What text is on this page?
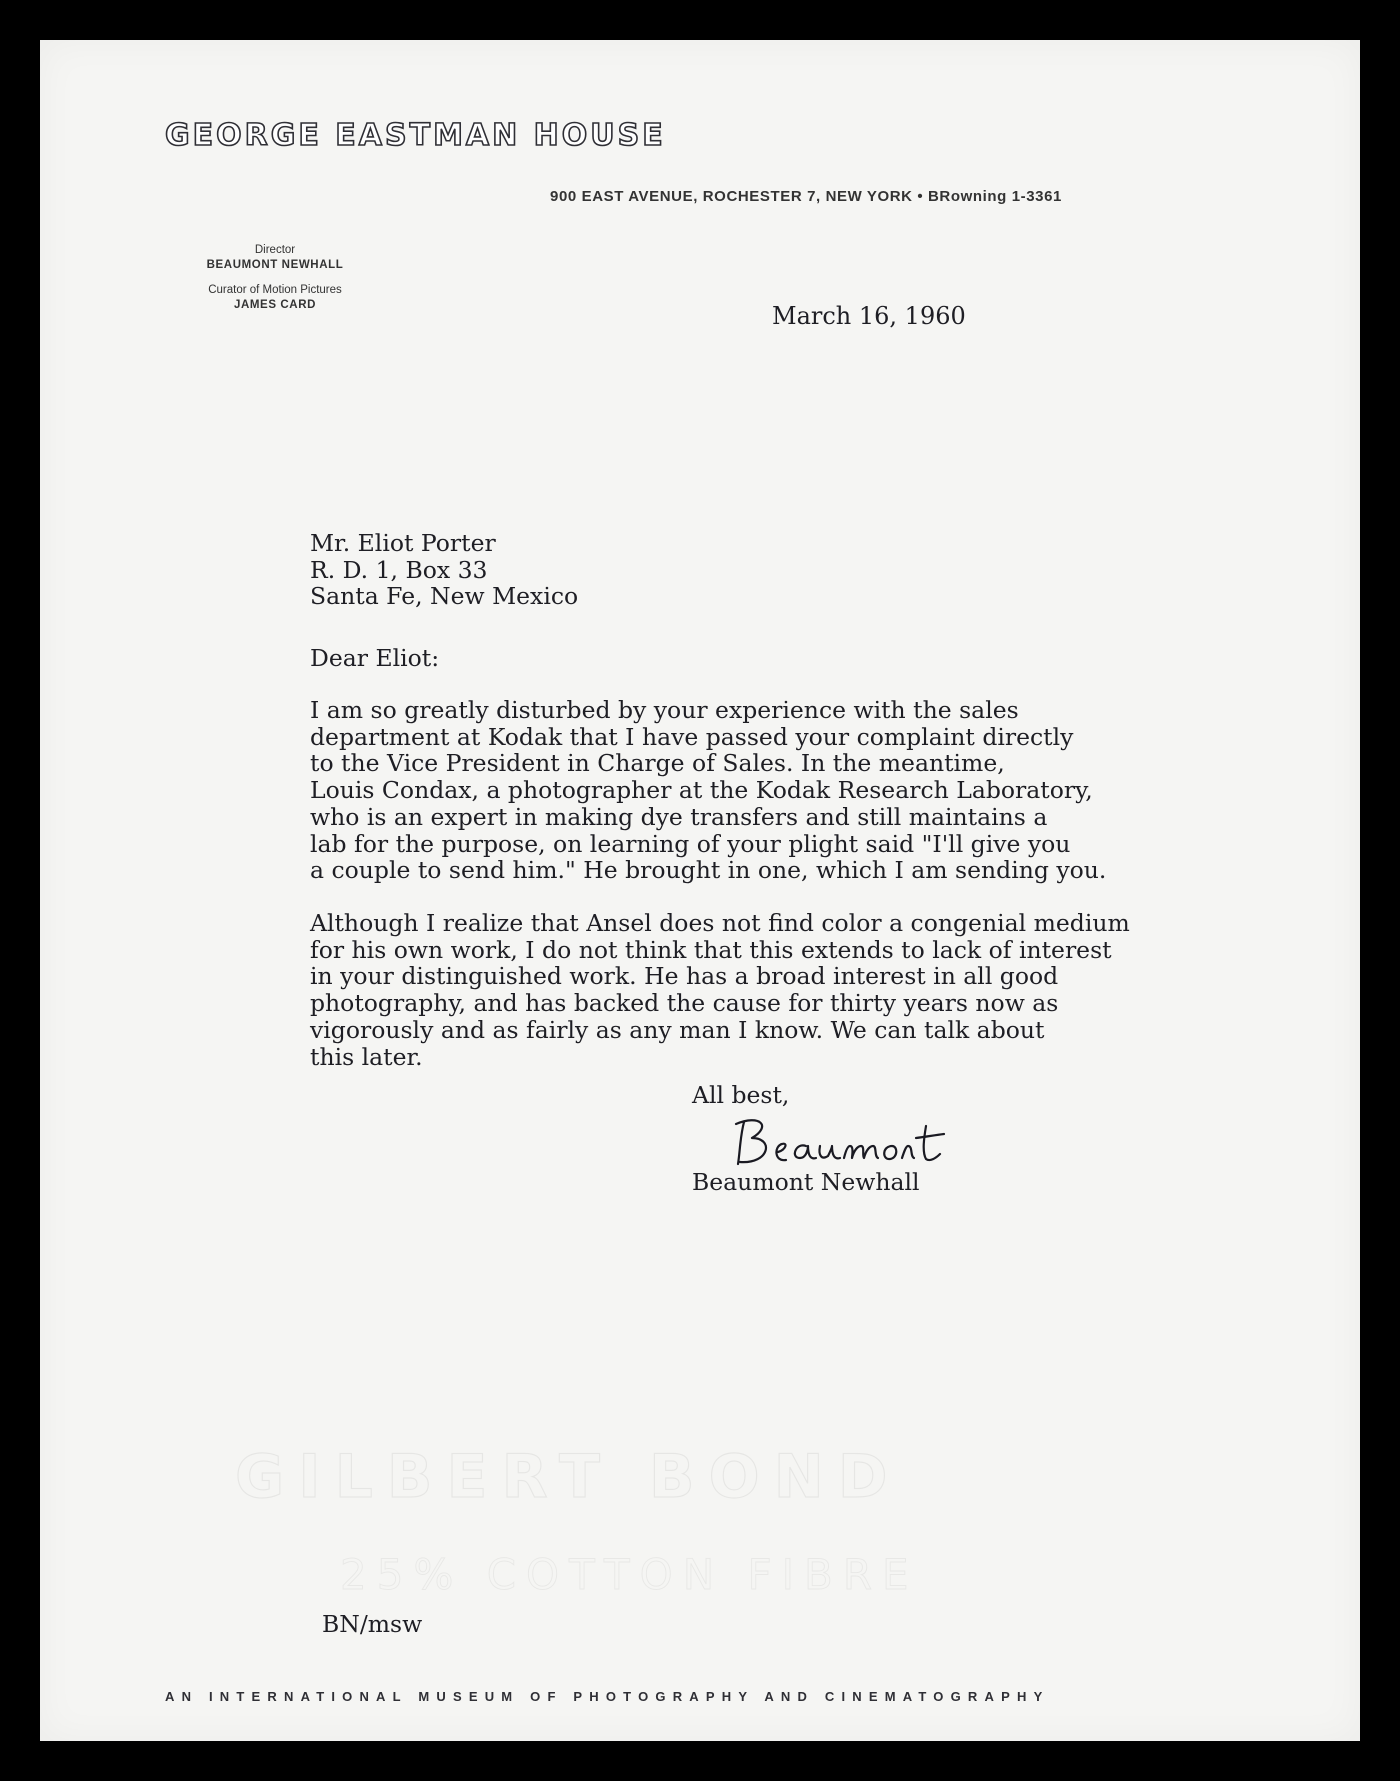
GEORGE EASTMAN HOUSE
900 EAST AVENUE, ROCHESTER 7, NEW YORK • BRowning 1-3361
Director
BEAUMONT NEWHALL
Curator of Motion Pictures
JAMES CARD	March 16, 1960
Mr. Eliot Porter
R. D. 1, Box 33
Santa Fe, New Mexico
Dear Eliot:
I am so greatly disturbed by your experience with the sales
department at Kodak that I have passed your complaint directly
to the Vice President in Charge of Sales. In the meantime,
Louis Condax, a photographer at the Kodak Research Laboratory,
who is an expert in making dye transfers and still maintains a
lab for the purpose, on learning of your plight said "I'll give you
a couple to send him." He brought in one, which I am sending you.
Although I realize that Ansel does not find color a congenial medium
for his own work, I do not think that this extends to lack of interest
in your distinguished work. He has a broad interest in all good
photography, and has backed the cause for thirty years now as
vigorously and as fairly as any man I know. We can talk about
this later.
All best,
Beaumont Newhall
GILBERT BOND
25% COTTON FIBRE
BN/msw
AN INTERNATIONAL MUSEUM OF PHOTOGRAPHY AND CINEMATOGRAPHY
